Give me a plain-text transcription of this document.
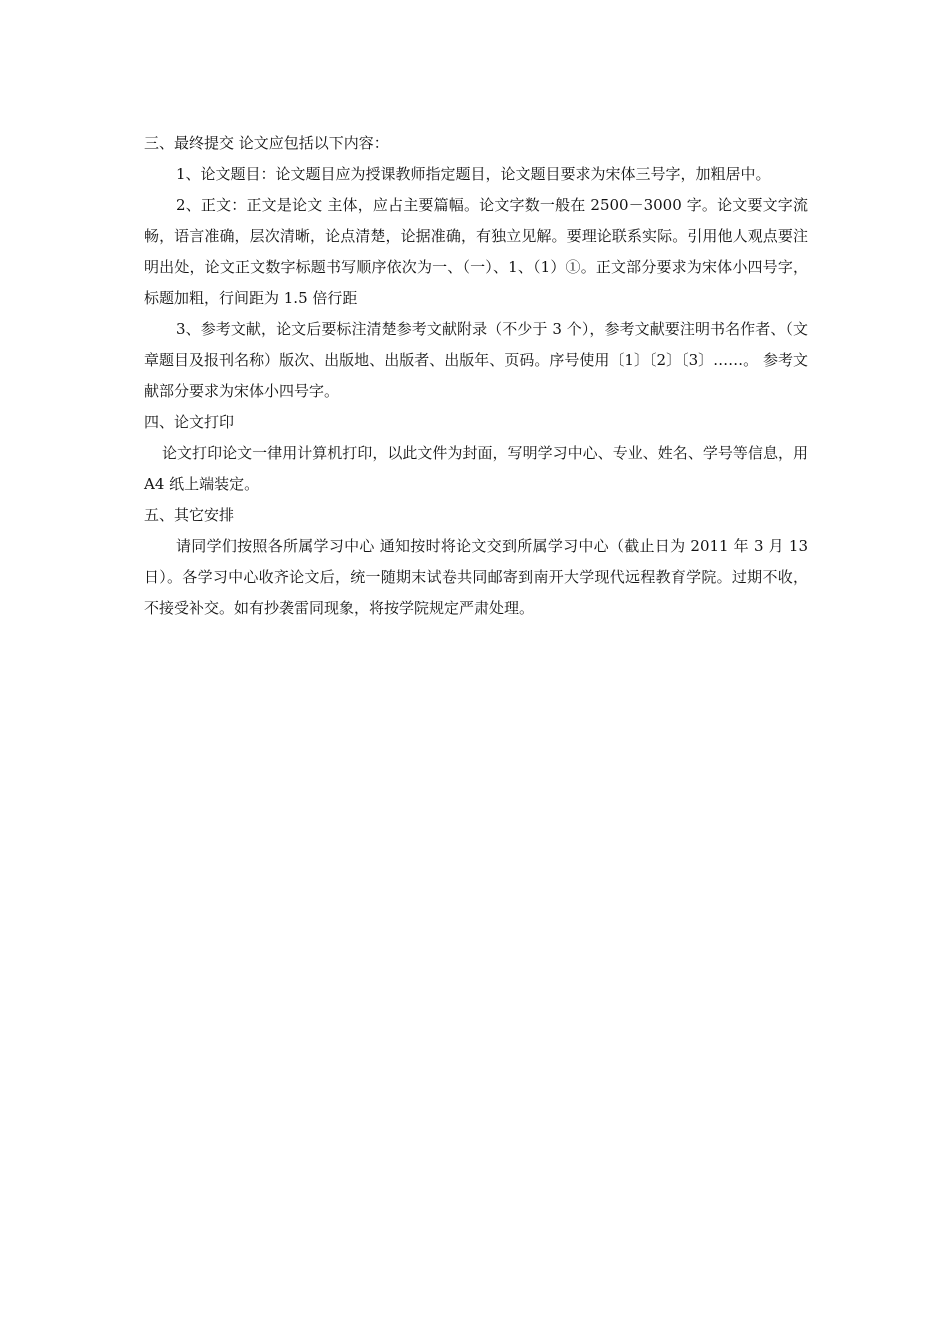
三、最终提交 论文应包括以下内容：

1、论文题目：论文题目应为授课教师指定题目，论文题目要求为宋体三号字，加粗居中。

2、正文：正文是论文 主体，应占主要篇幅。论文字数一般在 2500－3000 字。论文要文字流畅，语言准确，层次清晰，论点清楚，论据准确，有独立见解。要理论联系实际。引用他人观点要注明出处，论文正文数字标题书写顺序依次为一、（一）、1、（1）①。正文部分要求为宋体小四号字，标题加粗，行间距为 1.5 倍行距

3、参考文献，论文后要标注清楚参考文献附录（不少于 3 个），参考文献要注明书名作者、（文章题目及报刊名称）版次、出版地、出版者、出版年、页码。序号使用〔1〕〔2〕〔3〕……。 参考文献部分要求为宋体小四号字。

四、论文打印

论文打印论文一律用计算机打印，以此文件为封面，写明学习中心、专业、姓名、学号等信息，用 A4 纸上端装定。

五、其它安排

请同学们按照各所属学习中心 通知按时将论文交到所属学习中心（截止日为 2011 年 3 月 13 日）。各学习中心收齐论文后，统一随期末试卷共同邮寄到南开大学现代远程教育学院。过期不收， 不接受补交。如有抄袭雷同现象，将按学院规定严肃处理。
